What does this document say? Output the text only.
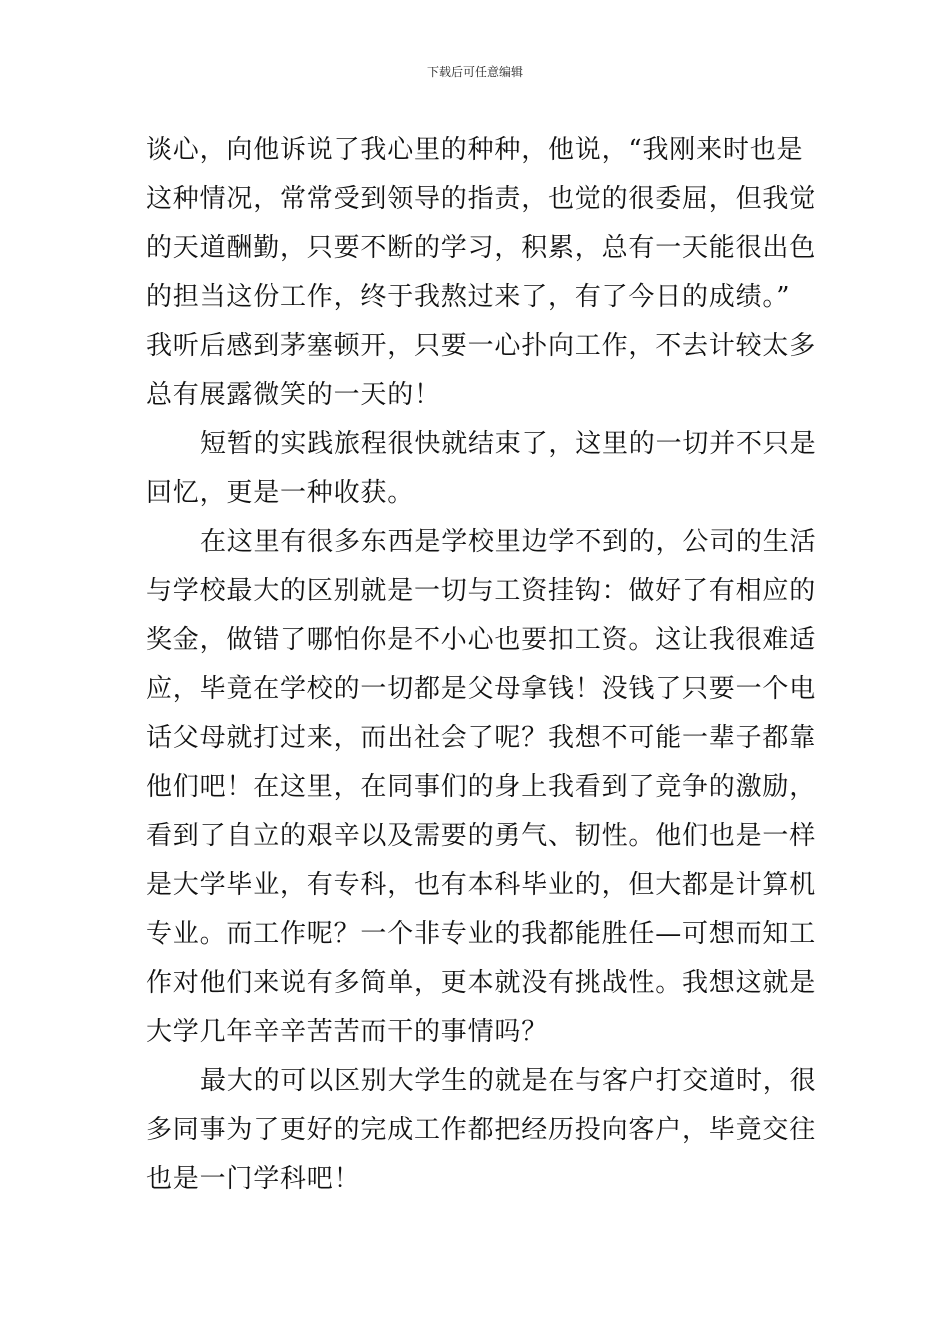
下载后可任意编辑
谈心，向他诉说了我心里的种种，他说，“我刚来时也是
这种情况，常常受到领导的指责，也觉的很委屈，但我觉
的天道酬勤，只要不断的学习，积累，总有一天能很出色
的担当这份工作，终于我熬过来了，有了今日的成绩。”
我听后感到茅塞顿开，只要一心扑向工作，不去计较太多
总有展露微笑的一天的！
短暂的实践旅程很快就结束了，这里的一切并不只是
回忆，更是一种收获。
在这里有很多东西是学校里边学不到的，公司的生活
与学校最大的区别就是一切与工资挂钩：做好了有相应的
奖金，做错了哪怕你是不小心也要扣工资。这让我很难适
应，毕竟在学校的一切都是父母拿钱！没钱了只要一个电
话父母就打过来，而出社会了呢？我想不可能一辈子都靠
他们吧！在这里，在同事们的身上我看到了竞争的激励，
看到了自立的艰辛以及需要的勇气、韧性。他们也是一样
是大学毕业，有专科，也有本科毕业的，但大都是计算机
专业。而工作呢？一个非专业的我都能胜任—可想而知工
作对他们来说有多简单，更本就没有挑战性。我想这就是
大学几年辛辛苦苦而干的事情吗？
最大的可以区别大学生的就是在与客户打交道时，很
多同事为了更好的完成工作都把经历投向客户，毕竟交往
也是一门学科吧！
